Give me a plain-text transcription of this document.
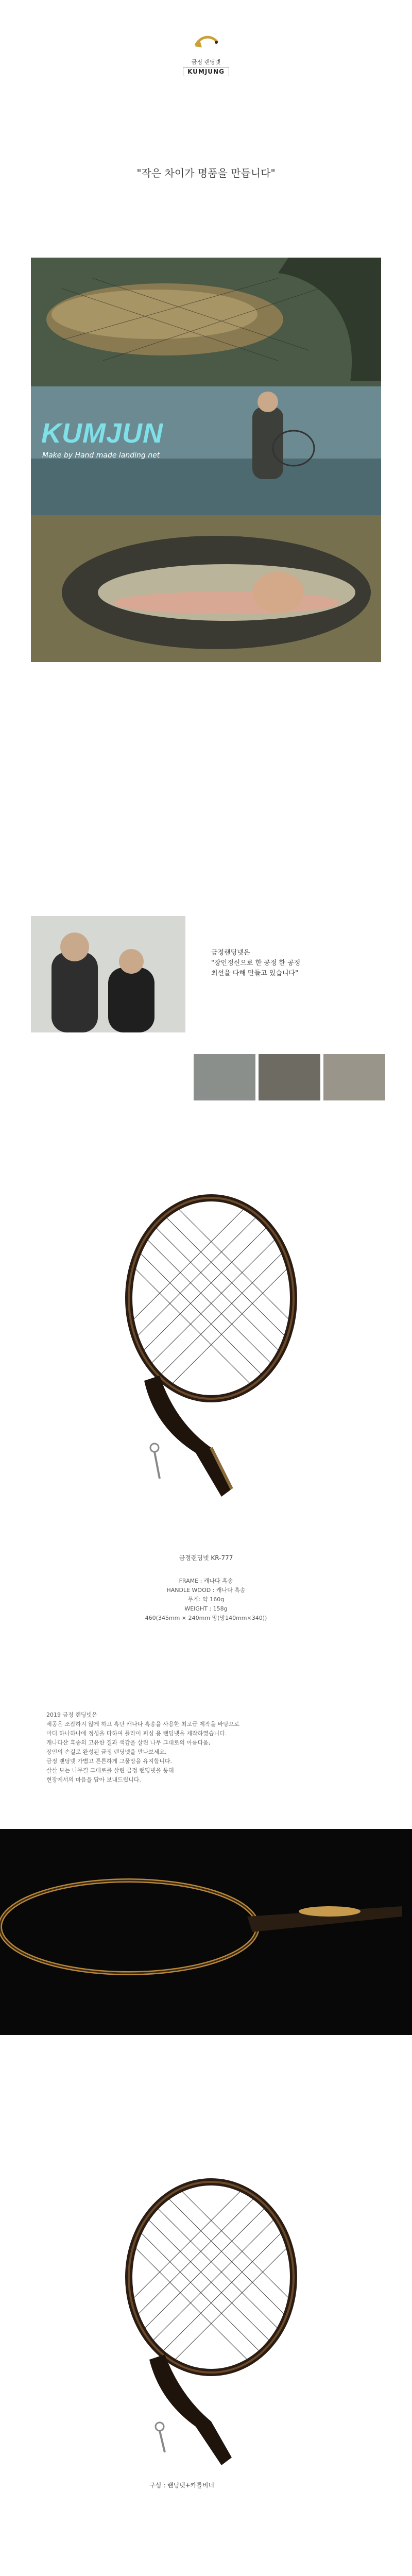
금정 랜딩넷
KUMJUNG
"작은 차이가 명품을 만듭니다"
KUMJUN
Make by Hand made landing net
금정랜딩넷은
"장인정신으로 한 공정 한 공정
최선을 다해 만들고 있습니다"
금정랜딩넷 KR-777
FRAME : 캐나다 흑송
HANDLE WOOD : 캐나다 흑송
무게: 약 160g
WEIGHT : 158g
460(345mm × 240mm 망(망140mm×340))
2019 금정 랜딩넷은
세공은 조잡하지 않게 하고 흑단 캐나다 흑송을 사용한 최고급 제작을 바탕으로
마디 하나하나에 정성을 다하여 플라이 피싱 용 랜딩넷을 제작하였습니다.
캐나다산 흑송의 고유한 결과 색감을 살린 나무 그대로의 아름다움,
장인의 손길로 완성된 금정 랜딩넷을 만나보세요.
금정 랜딩넷 가볍고 튼튼하게 그물망을 유지합니다.
살살 보는 나무결 그대로를 살린 금정 랜딩넷을 통해
현장에서의 마음을 담아 보내드립니다.
구성 : 랜딩넷+카를비너
